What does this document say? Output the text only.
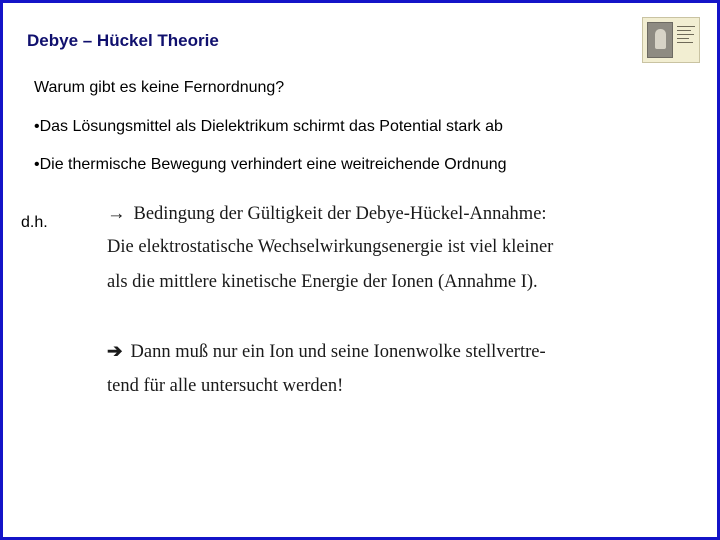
Debye – Hückel Theorie
Warum gibt es keine Fernordnung?
•Das Lösungsmittel als Dielektrikum schirmt das Potential stark ab
•Die thermische Bewegung verhindert eine weitreichende Ordnung
d.h.	→ Bedingung der Gültigkeit der Debye-Hückel-Annahme:
Die elektrostatische Wechselwirkungsenergie ist viel kleiner
als die mittlere kinetische Energie der Ionen (Annahme I).
➔ Dann muß nur ein Ion und seine Ionenwolke stellvertre-
tend für alle untersucht werden!
